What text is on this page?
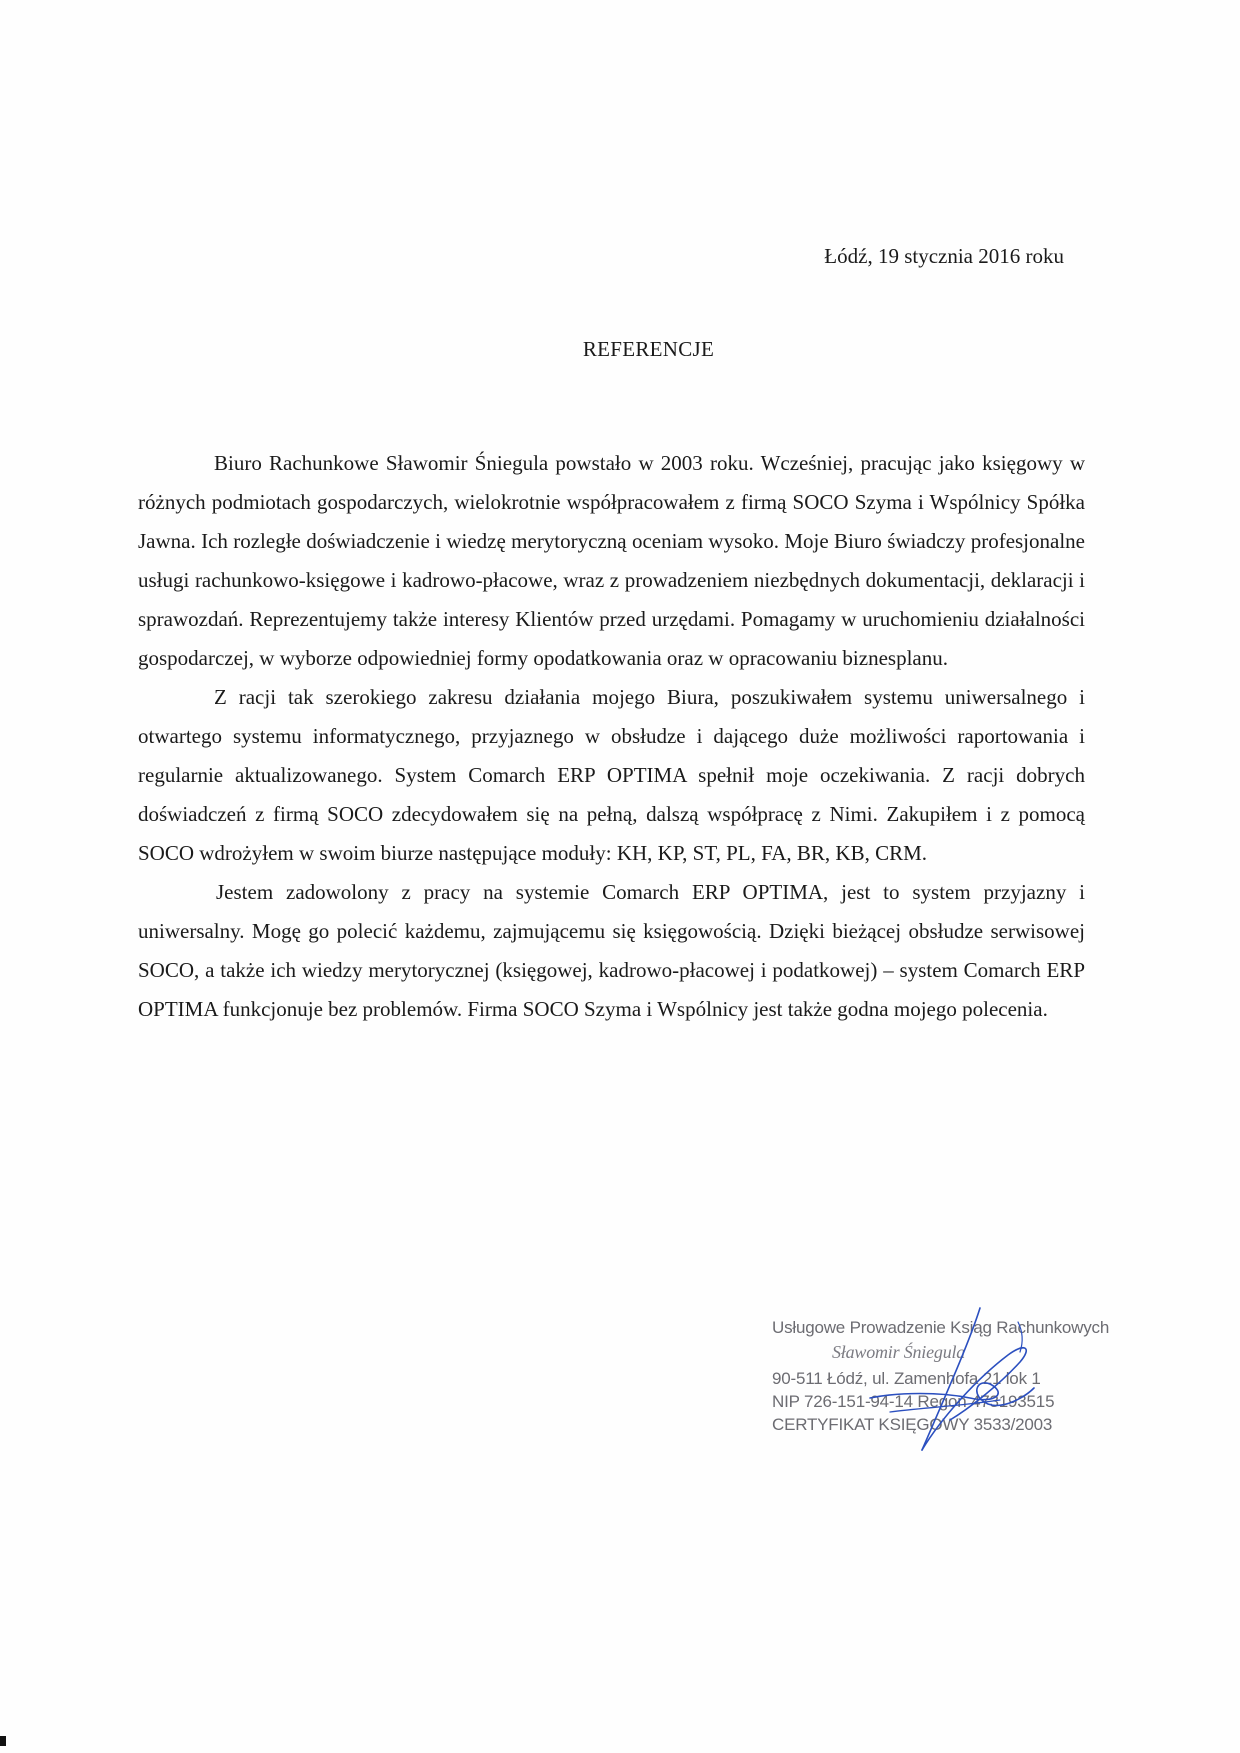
Łódź, 19 stycznia 2016 roku
REFERENCJE

Biuro Rachunkowe Sławomir Śniegula powstało w 2003 roku. Wcześniej, pracując jako księgowy w różnych podmiotach gospodarczych, wielokrotnie współpracowałem z firmą SOCO Szyma i Wspólnicy Spółka Jawna. Ich rozległe doświadczenie i wiedzę merytoryczną oceniam wysoko. Moje Biuro świadczy profesjonalne usługi rachunkowo-księgowe i kadrowo-płacowe, wraz z prowadzeniem niezbędnych dokumentacji, deklaracji i sprawozdań. Reprezentujemy także interesy Klientów przed urzędami. Pomagamy w uruchomieniu działalności gospodarczej, w wyborze odpowiedniej formy opodatkowania oraz w opracowaniu biznesplanu.

Z racji tak szerokiego zakresu działania mojego Biura, poszukiwałem systemu uniwersalnego i otwartego systemu informatycznego, przyjaznego w obsłudze i dającego duże możliwości raportowania i regularnie aktualizowanego. System Comarch ERP OPTIMA spełnił moje oczekiwania. Z racji dobrych doświadczeń z firmą SOCO zdecydowałem się na pełną, dalszą współpracę z Nimi. Zakupiłem i z pomocą SOCO wdrożyłem w swoim biurze następujące moduły: KH, KP, ST, PL, FA, BR, KB, CRM.

Jestem zadowolony z pracy na systemie Comarch ERP OPTIMA, jest to system przyjazny i uniwersalny. Mogę go polecić każdemu, zajmującemu się księgowością. Dzięki bieżącej obsłudze serwisowej SOCO, a także ich wiedzy merytorycznej (księgowej, kadrowo-płacowej i podatkowej) – system Comarch ERP OPTIMA funkcjonuje bez problemów. Firma SOCO Szyma i Wspólnicy jest także godna mojego polecenia.

Usługowe Prowadzenie Ksiąg Rachunkowych
Sławomir Śniegula
90-511 Łódź, ul. Zamenhofa 21 lok 1
NIP 726-151-94-14 Regon 473193515
CERTYFIKAT KSIĘGOWY 3533/2003
